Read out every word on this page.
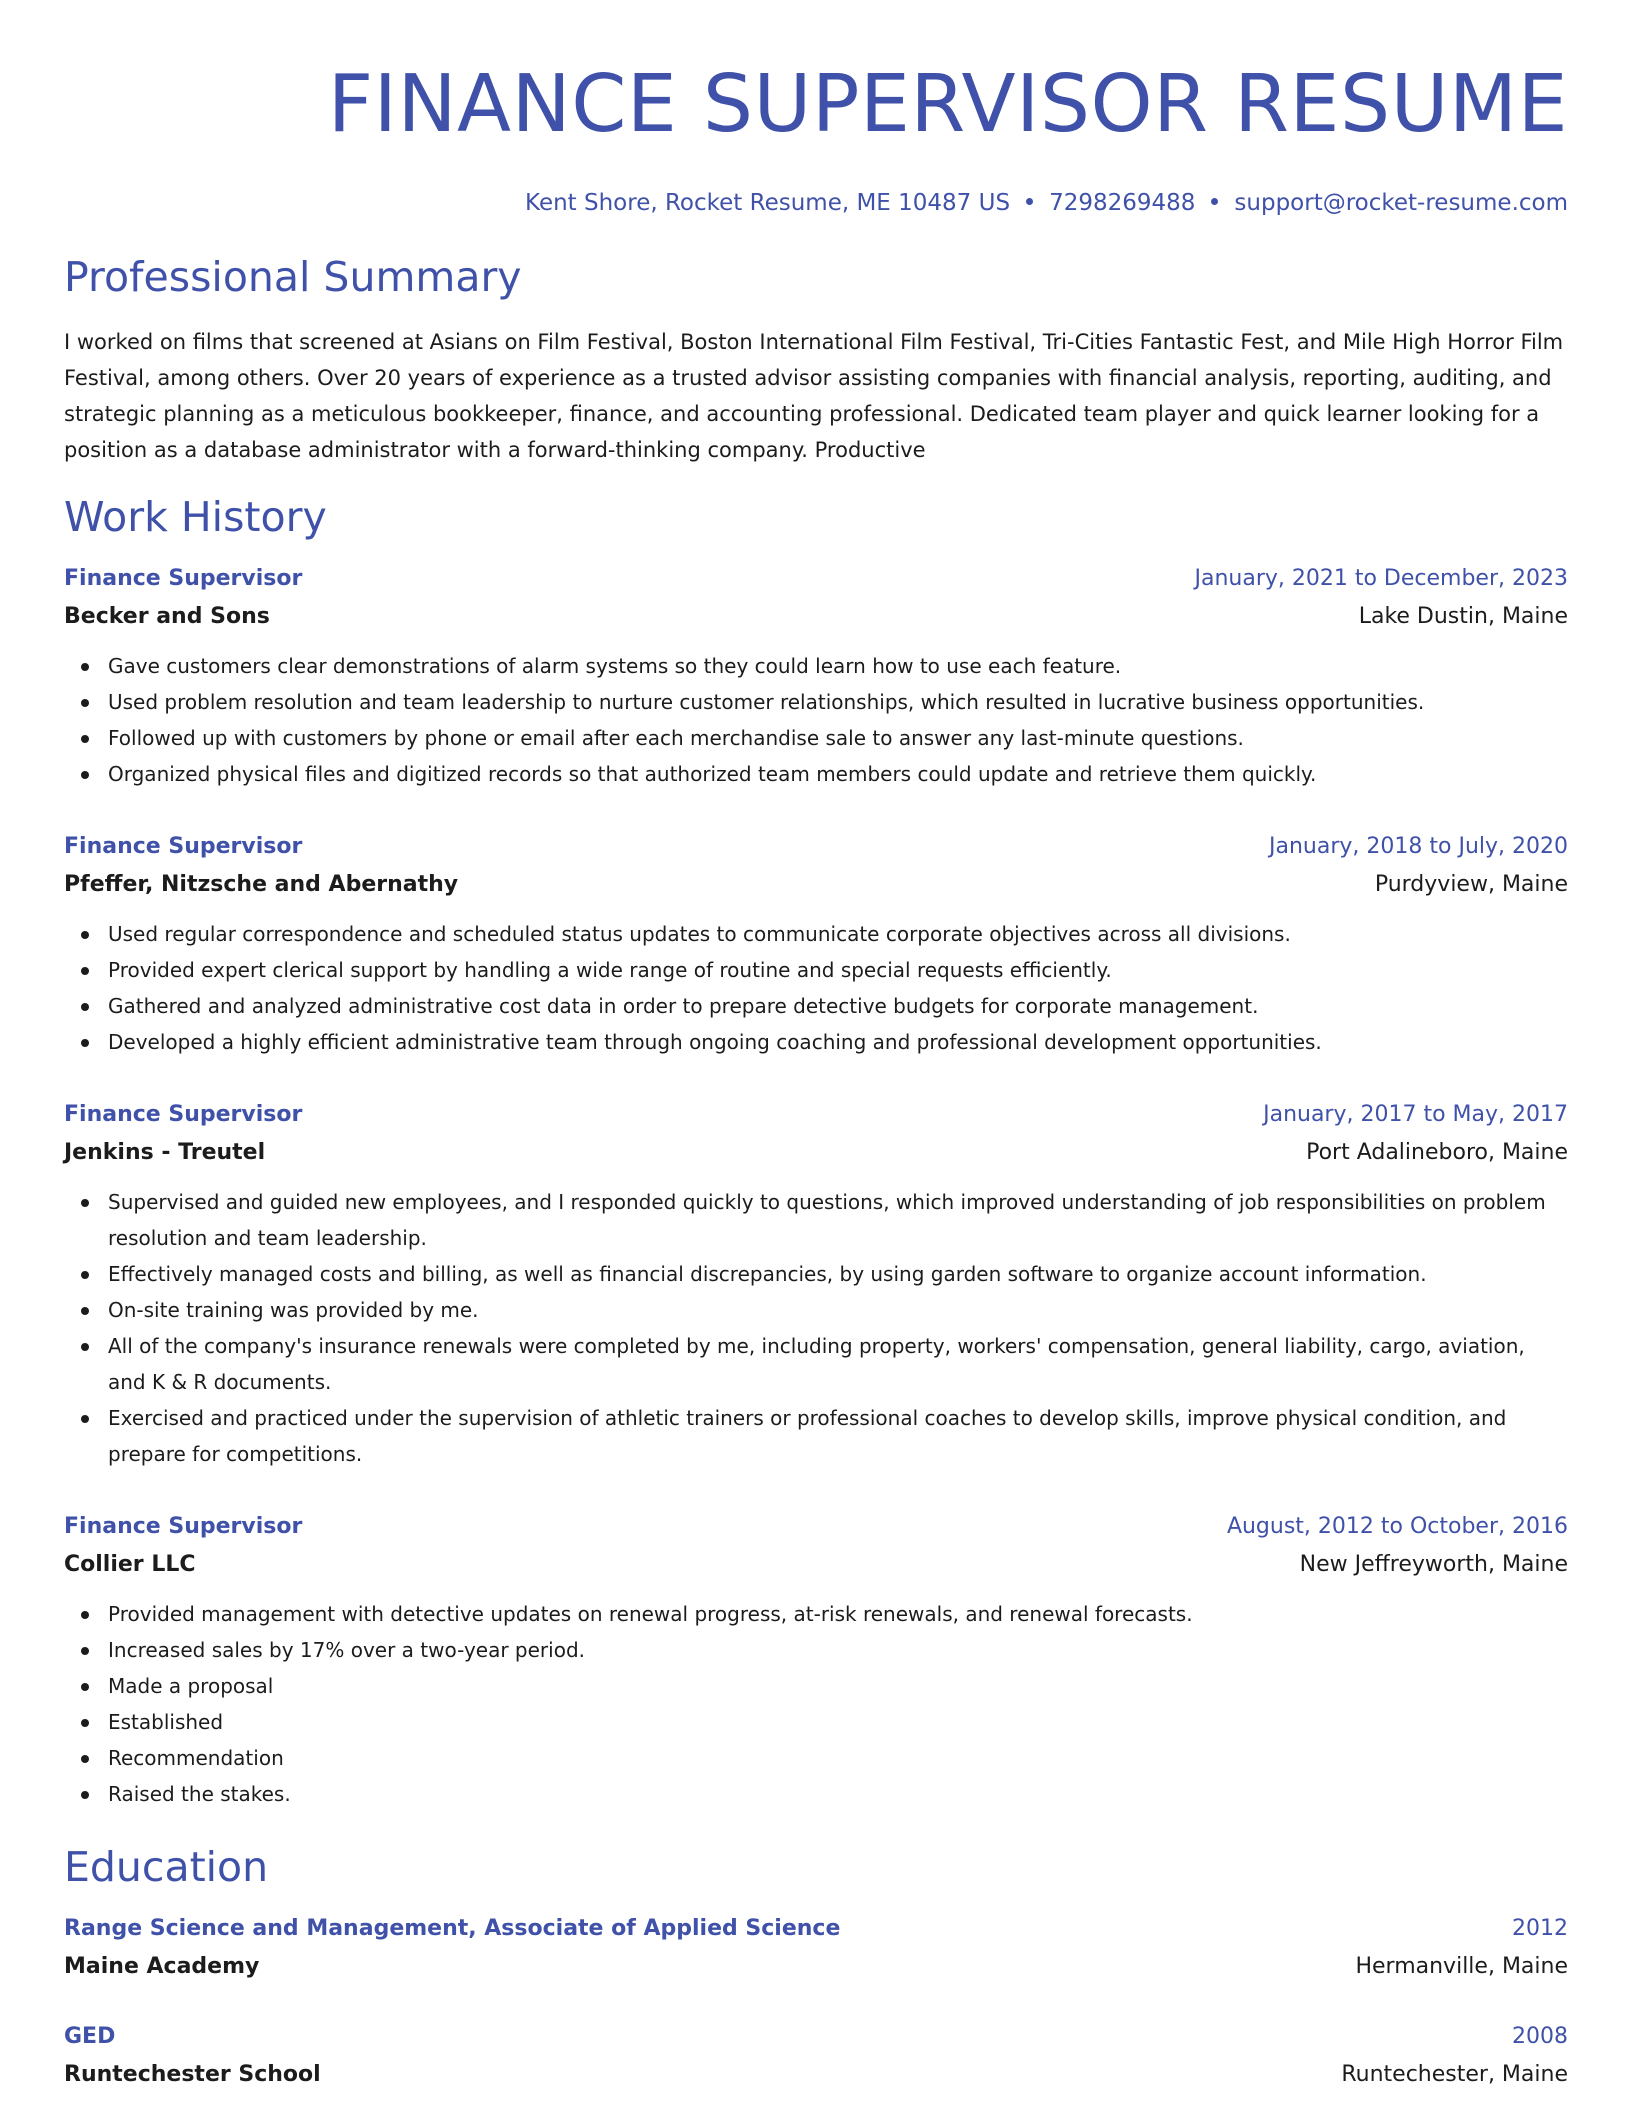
FINANCE SUPERVISOR RESUME
Kent Shore, Rocket Resume, ME 10487 US 7298269488 support@rocket-resume.com
Professional Summary
I worked on films that screened at Asians on Film Festival, Boston International Film Festival, Tri-Cities Fantastic Fest, and Mile High Horror Film Festival, among others. Over 20 years of experience as a trusted advisor assisting companies with financial analysis, reporting, auditing, and strategic planning as a meticulous bookkeeper, finance, and accounting professional. Dedicated team player and quick learner looking for a position as a database administrator with a forward-thinking company. Productive
Work History
Finance Supervisor	January, 2021 to December, 2023
Becker and Sons	Lake Dustin, Maine
Gave customers clear demonstrations of alarm systems so they could learn how to use each feature.
Used problem resolution and team leadership to nurture customer relationships, which resulted in lucrative business opportunities.
Followed up with customers by phone or email after each merchandise sale to answer any last-minute questions.
Organized physical files and digitized records so that authorized team members could update and retrieve them quickly.
Finance Supervisor	January, 2018 to July, 2020
Pfeffer, Nitzsche and Abernathy	Purdyview, Maine
Used regular correspondence and scheduled status updates to communicate corporate objectives across all divisions.
Provided expert clerical support by handling a wide range of routine and special requests efficiently.
Gathered and analyzed administrative cost data in order to prepare detective budgets for corporate management.
Developed a highly efficient administrative team through ongoing coaching and professional development opportunities.
Finance Supervisor	January, 2017 to May, 2017
Jenkins - Treutel	Port Adalineboro, Maine
Supervised and guided new employees, and I responded quickly to questions, which improved understanding of job responsibilities on problem resolution and team leadership.
Effectively managed costs and billing, as well as financial discrepancies, by using garden software to organize account information.
On-site training was provided by me.
All of the company's insurance renewals were completed by me, including property, workers' compensation, general liability, cargo, aviation, and K & R documents.
Exercised and practiced under the supervision of athletic trainers or professional coaches to develop skills, improve physical condition, and prepare for competitions.
Finance Supervisor	August, 2012 to October, 2016
Collier LLC	New Jeffreyworth, Maine
Provided management with detective updates on renewal progress, at-risk renewals, and renewal forecasts.
Increased sales by 17% over a two-year period.
Made a proposal
Established
Recommendation
Raised the stakes.
Education
Range Science and Management, Associate of Applied Science	2012
Maine Academy	Hermanville, Maine
GED	2008
Runtechester School	Runtechester, Maine
